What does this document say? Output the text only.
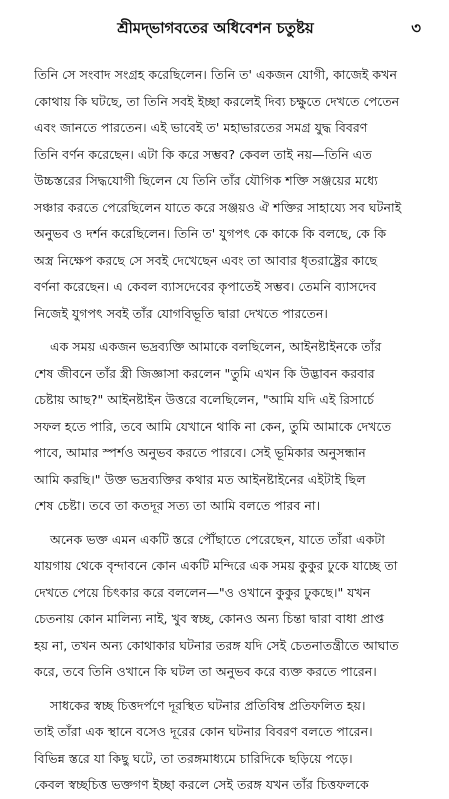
শ্রীমদ্‌ভাগবতের অধিবেশন চতুষ্টয়	৩
তিনি সে সংবাদ সংগ্রহ করেছিলেন। তিনি ত' একজন যোগী, কাজেই কখন
কোথায় কি ঘটছে, তা তিনি সবই ইচ্ছা করলেই দিব্য চক্ষুতে দেখতে পেতেন
এবং জানতে পারতেন। এই ভাবেই ত' মহাভারতের সমগ্র যুদ্ধ বিবরণ
তিনি বর্ণন করেছেন। এটা কি করে সম্ভব? কেবল তাই নয়—তিনি এত
উচ্চস্তরের সিদ্ধযোগী ছিলেন যে তিনি তাঁর যৌগিক শক্তি সঞ্জয়ের মধ্যে
সঞ্চার করতে পেরেছিলেন যাতে করে সঞ্জয়ও ঐ শক্তির সাহায্যে সব ঘটনাই
অনুভব ও দর্শন করেছিলেন। তিনি ত' যুগপৎ কে কাকে কি বলছে, কে কি
অস্ত্র নিক্ষেপ করছে সে সবই দেখেছেন এবং তা আবার ধৃতরাষ্ট্রের কাছে
বর্ণনা করেছেন। এ কেবল ব্যাসদেবের কৃপাতেই সম্ভব। তেমনি ব্যাসদেব
নিজেই যুগপৎ সবই তাঁর যোগবিভূতি দ্বারা দেখতে পারতেন।
এক সময় একজন ভদ্রব্যক্তি আমাকে বলছিলেন, আইনষ্টাইনকে তাঁর
শেষ জীবনে তাঁর স্ত্রী জিজ্ঞাসা করলেন "তুমি এখন কি উদ্ভাবন করবার
চেষ্টায় আছ?" আইনষ্টাইন উত্তরে বলেছিলেন, "আমি যদি এই রিসার্চে
সফল হতে পারি, তবে আমি যেখানে থাকি না কেন, তুমি আমাকে দেখতে
পাবে, আমার স্পর্শও অনুভব করতে পারবে। সেই ভূমিকার অনুসন্ধান
আমি করছি।" উক্ত ভদ্রব্যক্তির কথার মত আইনষ্টাইনের এইটাই ছিল
শেষ চেষ্টা। তবে তা কতদূর সত্য তা আমি বলতে পারব না।
অনেক ভক্ত এমন একটি স্তরে পৌঁছাতে পেরেছেন, যাতে তাঁরা একটা
যায়গায় থেকে বৃন্দাবনে কোন একটি মন্দিরে এক সময় কুকুর ঢুকে যাচ্ছে তা
দেখতে পেয়ে চিৎকার করে বললেন—"ও ওখানে কুকুর ঢুকছে।" যখন
চেতনায় কোন মালিন্য নাই, খুব স্বচ্ছ, কোনও অন্য চিন্তা দ্বারা বাধা প্রাপ্ত
হয় না, তখন অন্য কোথাকার ঘটনার তরঙ্গ যদি সেই চেতনাতন্ত্রীতে আঘাত
করে, তবে তিনি ওখানে কি ঘটল তা অনুভব করে ব্যক্ত করতে পারেন।
সাধকের স্বচ্ছ চিত্তদর্পণে দূরস্থিত ঘটনার প্রতিবিম্ব প্রতিফলিত হয়।
তাই তাঁরা এক স্থানে বসেও দূরের কোন ঘটনার বিবরণ বলতে পারেন।
বিভিন্ন স্তরে যা কিছু ঘটে, তা তরঙ্গমাধ্যমে চারিদিকে ছড়িয়ে পড়ে।
কেবল স্বচ্ছচিত্ত ভক্তগণ ইচ্ছা করলে সেই তরঙ্গ যখন তাঁর চিত্তফলকে
